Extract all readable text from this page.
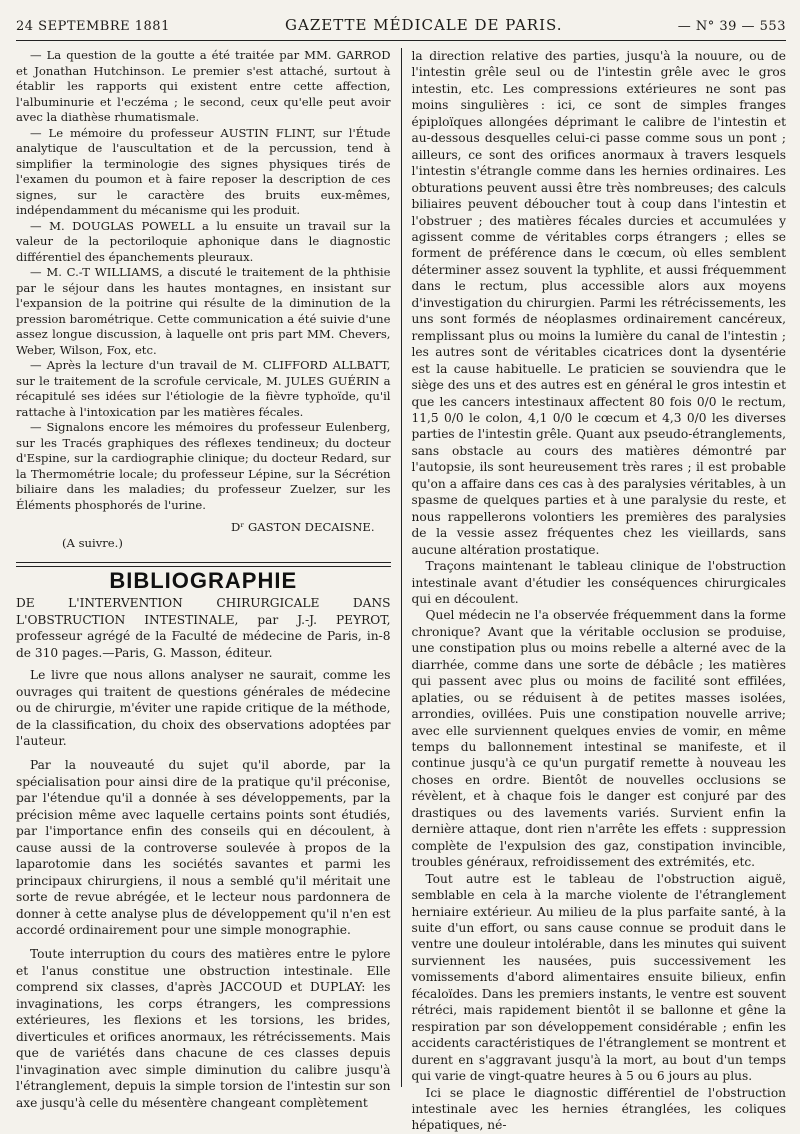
24 SEPTEMBRE 1881	GAZETTE MÉDICALE DE PARIS.	— N° 39 — 553

— La question de la goutte a été traitée par MM. GARROD et Jonathan Hutchinson. Le premier s'est attaché, surtout à établir les rapports qui existent entre cette affection, l'albuminurie et l'eczéma ; le second, ceux qu'elle peut avoir avec la diathèse rhumatismale.

— Le mémoire du professeur AUSTIN FLINT, sur l'Étude analytique de l'auscultation et de la percussion, tend à simplifier la terminologie des signes physiques tirés de l'examen du poumon et à faire reposer la description de ces signes, sur le caractère des bruits eux-mêmes, indépendamment du mécanisme qui les produit.

— M. DOUGLAS POWELL a lu ensuite un travail sur la valeur de la pectoriloquie aphonique dans le diagnostic différentiel des épanchements pleuraux.

— M. C.-T WILLIAMS, a discuté le traitement de la phthisie par le séjour dans les hautes montagnes, en insistant sur l'expansion de la poitrine qui résulte de la diminution de la pression barométrique. Cette communication a été suivie d'une assez longue discussion, à laquelle ont pris part MM. Chevers, Weber, Wilson, Fox, etc.

— Après la lecture d'un travail de M. CLIFFORD ALLBATT, sur le traitement de la scrofule cervicale, M. JULES GUÉRIN a récapitulé ses idées sur l'étiologie de la fièvre typhoïde, qu'il rattache à l'intoxication par les matières fécales.

— Signalons encore les mémoires du professeur Eulenberg, sur les Tracés graphiques des réflexes tendineux; du docteur d'Espine, sur la cardiographie clinique; du docteur Redard, sur la Thermométrie locale; du professeur Lépine, sur la Sécrétion biliaire dans les maladies; du professeur Zuelzer, sur les Éléments phosphorés de l'urine.

Dʳ GASTON DECAISNE.
(A suivre.)
BIBLIOGRAPHIE

DE L'INTERVENTION CHIRURGICALE DANS L'OBSTRUCTION INTESTINALE, par J.-J. PEYROT, professeur agrégé de la Faculté de médecine de Paris, in-8 de 310 pages.—Paris, G. Masson, éditeur.

Le livre que nous allons analyser ne saurait, comme les ouvrages qui traitent de questions générales de médecine ou de chirurgie, m'éviter une rapide critique de la méthode, de la classification, du choix des observations adoptées par l'auteur.

Par la nouveauté du sujet qu'il aborde, par la spécialisation pour ainsi dire de la pratique qu'il préconise, par l'étendue qu'il a donnée à ses développements, par la précision même avec laquelle certains points sont étudiés, par l'importance enfin des conseils qui en découlent, à cause aussi de la controverse soulevée à propos de la laparotomie dans les sociétés savantes et parmi les principaux chirurgiens, il nous a semblé qu'il méritait une sorte de revue abrégée, et le lecteur nous pardonnera de donner à cette analyse plus de développement qu'il n'en est accordé ordinairement pour une simple monographie.

Toute interruption du cours des matières entre le pylore et l'anus constitue une obstruction intestinale. Elle comprend six classes, d'après JACCOUD et DUPLAY: les invaginations, les corps étrangers, les compressions extérieures, les flexions et les torsions, les brides, diverticules et orifices anormaux, les rétrécissements. Mais que de variétés dans chacune de ces classes depuis l'invagination avec simple diminution du calibre jusqu'à l'étranglement, depuis la simple torsion de l'intestin sur son axe jusqu'à celle du mésentère changeant complètement

la direction relative des parties, jusqu'à la nouure, ou de l'intestin grêle seul ou de l'intestin grêle avec le gros intestin, etc. Les compressions extérieures ne sont pas moins singulières : ici, ce sont de simples franges épiploïques allongées déprimant le calibre de l'intestin et au-dessous desquelles celui-ci passe comme sous un pont ; ailleurs, ce sont des orifices anormaux à travers lesquels l'intestin s'étrangle comme dans les hernies ordinaires. Les obturations peuvent aussi être très nombreuses; des calculs biliaires peuvent déboucher tout à coup dans l'intestin et l'obstruer ; des matières fécales durcies et accumulées y agissent comme de véritables corps étrangers ; elles se forment de préférence dans le cœcum, où elles semblent déterminer assez souvent la typhlite, et aussi fréquemment dans le rectum, plus accessible alors aux moyens d'investigation du chirurgien. Parmi les rétrécissements, les uns sont formés de néoplasmes ordinairement cancéreux, remplissant plus ou moins la lumière du canal de l'intestin ; les autres sont de véritables cicatrices dont la dysentérie est la cause habituelle. Le praticien se souviendra que le siège des uns et des autres est en général le gros intestin et que les cancers intestinaux affectent 80 fois 0/0 le rectum, 11,5 0/0 le colon, 4,1 0/0 le cœcum et 4,3 0/0 les diverses parties de l'intestin grêle. Quant aux pseudo-étranglements, sans obstacle au cours des matières démontré par l'autopsie, ils sont heureusement très rares ; il est probable qu'on a affaire dans ces cas à des paralysies véritables, à un spasme de quelques parties et à une paralysie du reste, et nous rappellerons volontiers les premières des paralysies de la vessie assez fréquentes chez les vieillards, sans aucune altération prostatique.

Traçons maintenant le tableau clinique de l'obstruction intestinale avant d'étudier les conséquences chirurgicales qui en découlent.

Quel médecin ne l'a observée fréquemment dans la forme chronique? Avant que la véritable occlusion se produise, une constipation plus ou moins rebelle a alterné avec de la diarrhée, comme dans une sorte de débâcle ; les matières qui passent avec plus ou moins de facilité sont effilées, aplaties, ou se réduisent à de petites masses isolées, arrondies, ovillées. Puis une constipation nouvelle arrive; avec elle surviennent quelques envies de vomir, en même temps du ballonnement intestinal se manifeste, et il continue jusqu'à ce qu'un purgatif remette à nouveau les choses en ordre. Bientôt de nouvelles occlusions se révèlent, et à chaque fois le danger est conjuré par des drastiques ou des lavements variés. Survient enfin la dernière attaque, dont rien n'arrête les effets : suppression complète de l'expulsion des gaz, constipation invincible, troubles généraux, refroidissement des extrémités, etc.

Tout autre est le tableau de l'obstruction aiguë, semblable en cela à la marche violente de l'étranglement herniaire extérieur. Au milieu de la plus parfaite santé, à la suite d'un effort, ou sans cause connue se produit dans le ventre une douleur intolérable, dans les minutes qui suivent surviennent les nausées, puis successivement les vomissements d'abord alimentaires ensuite bilieux, enfin fécaloïdes. Dans les premiers instants, le ventre est souvent rétréci, mais rapidement bientôt il se ballonne et gêne la respiration par son développement considérable ; enfin les accidents caractéristiques de l'étranglement se montrent et durent en s'aggravant jusqu'à la mort, au bout d'un temps qui varie de vingt-quatre heures à 5 ou 6 jours au plus.

Ici se place le diagnostic différentiel de l'obstruction intestinale avec les hernies étranglées, les coliques hépatiques, né-
